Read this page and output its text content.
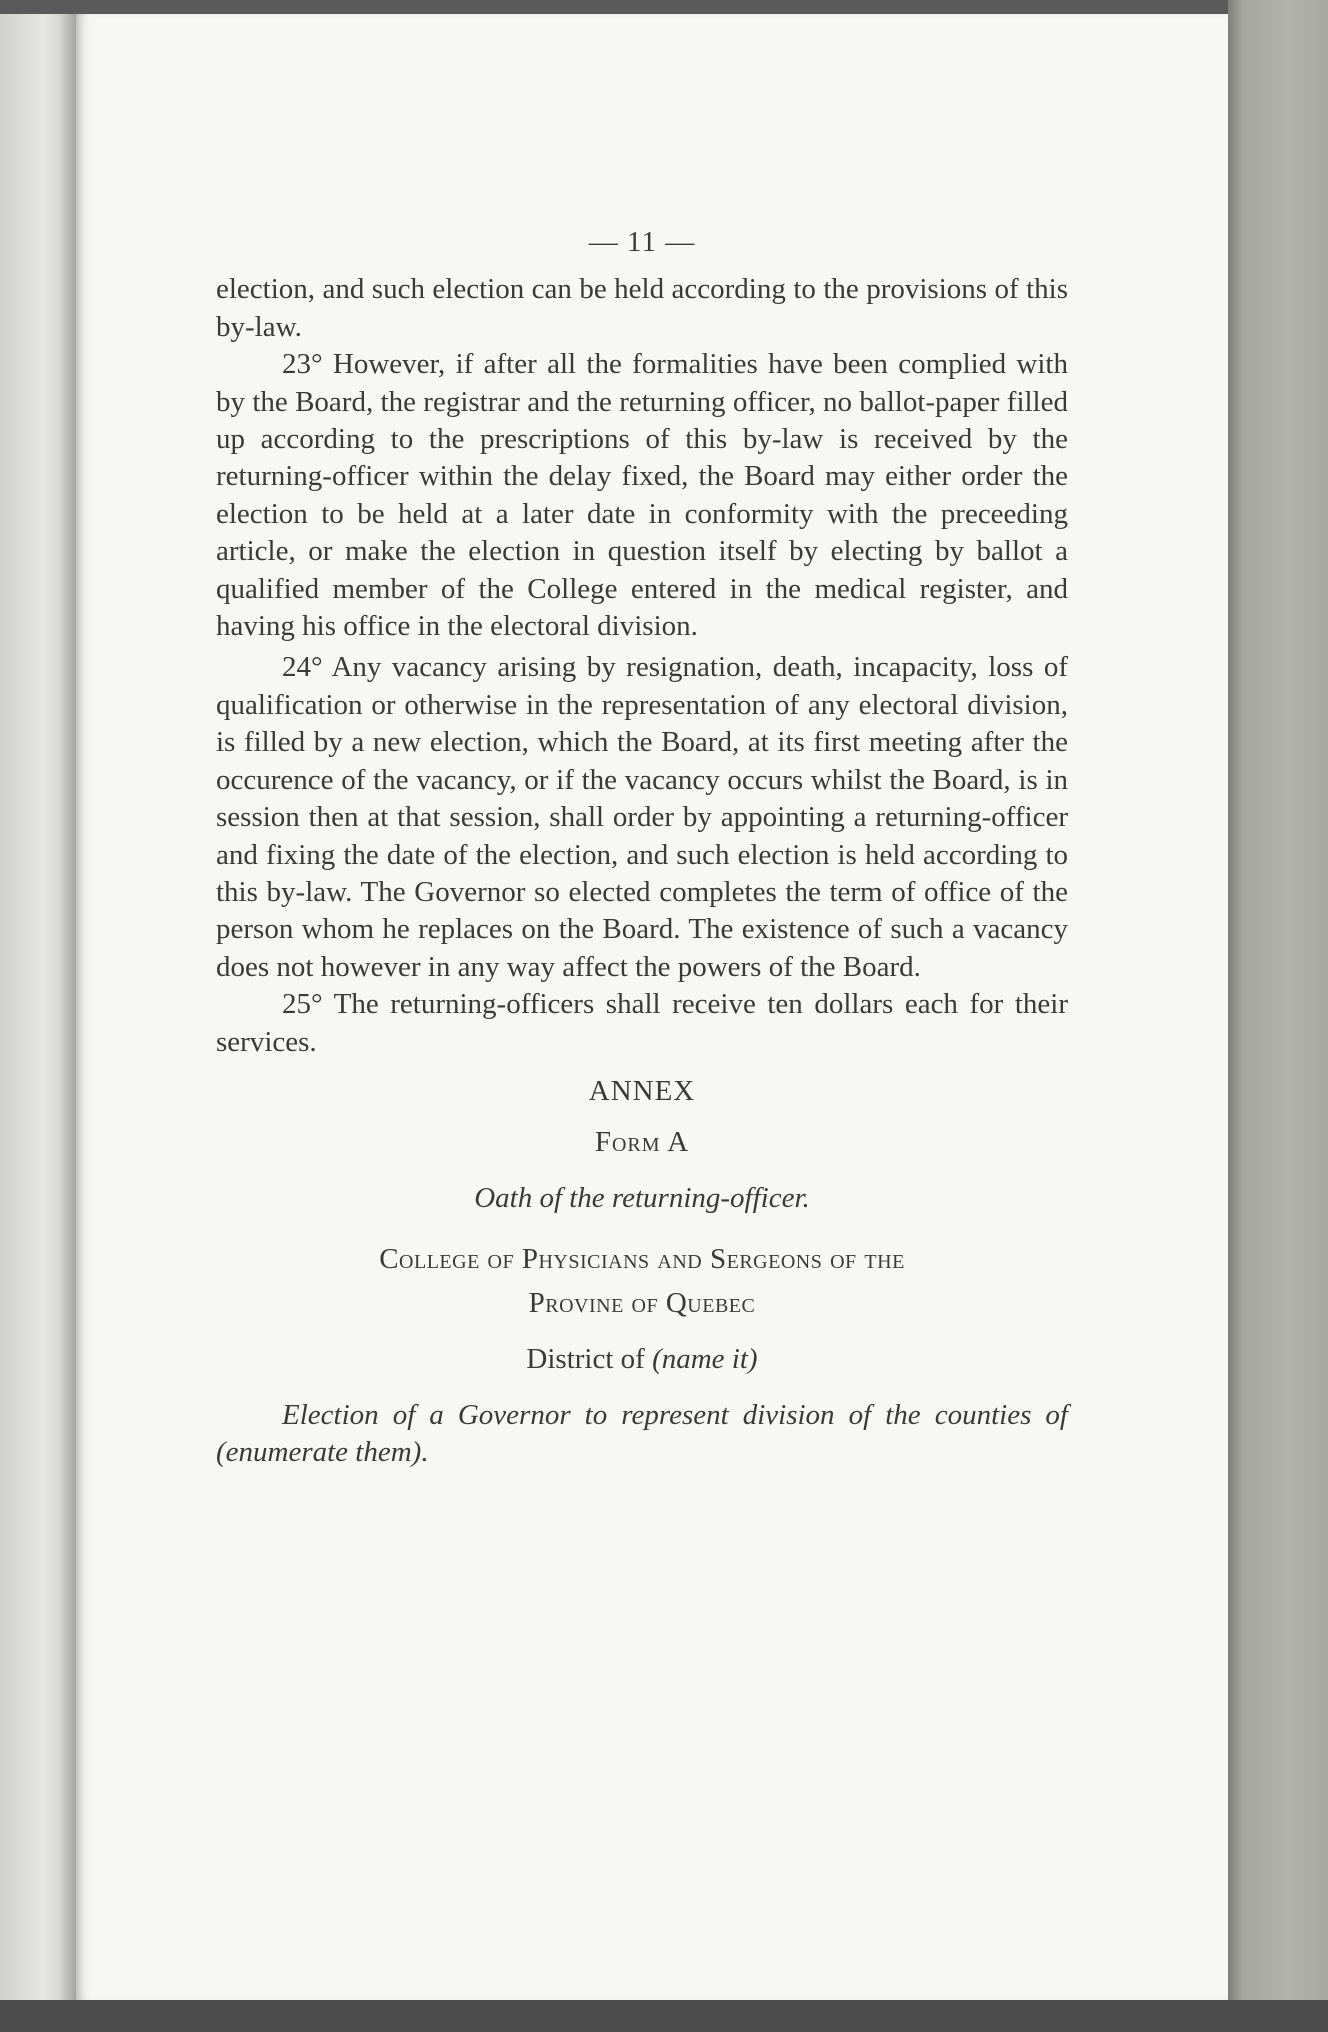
— 11 —

election, and such election can be held according to the provisions of this by-law.

23° However, if after all the formalities have been complied with by the Board, the registrar and the returning officer, no ballot-paper filled up according to the prescriptions of this by-law is received by the returning-officer within the delay fixed, the Board may either order the election to be held at a later date in conformity with the preceeding article, or make the election in question itself by electing by ballot a qualified member of the College entered in the medical register, and having his office in the electoral division.

24° Any vacancy arising by resignation, death, incapacity, loss of qualification or otherwise in the representation of any electoral division, is filled by a new election, which the Board, at its first meeting after the occurence of the vacancy, or if the vacancy occurs whilst the Board, is in session then at that session, shall order by appointing a returning-officer and fixing the date of the election, and such election is held according to this by-law. The Governor so elected completes the term of office of the person whom he replaces on the Board. The existence of such a vacancy does not however in any way affect the powers of the Board.

25° The returning-officers shall receive ten dollars each for their services.

ANNEX
Form A
Oath of the returning-officer.
College of Physicians and Sergeons of the
Provine of Quebec
District of (name it)

Election of a Governor to represent division of the counties of (enumerate them).
